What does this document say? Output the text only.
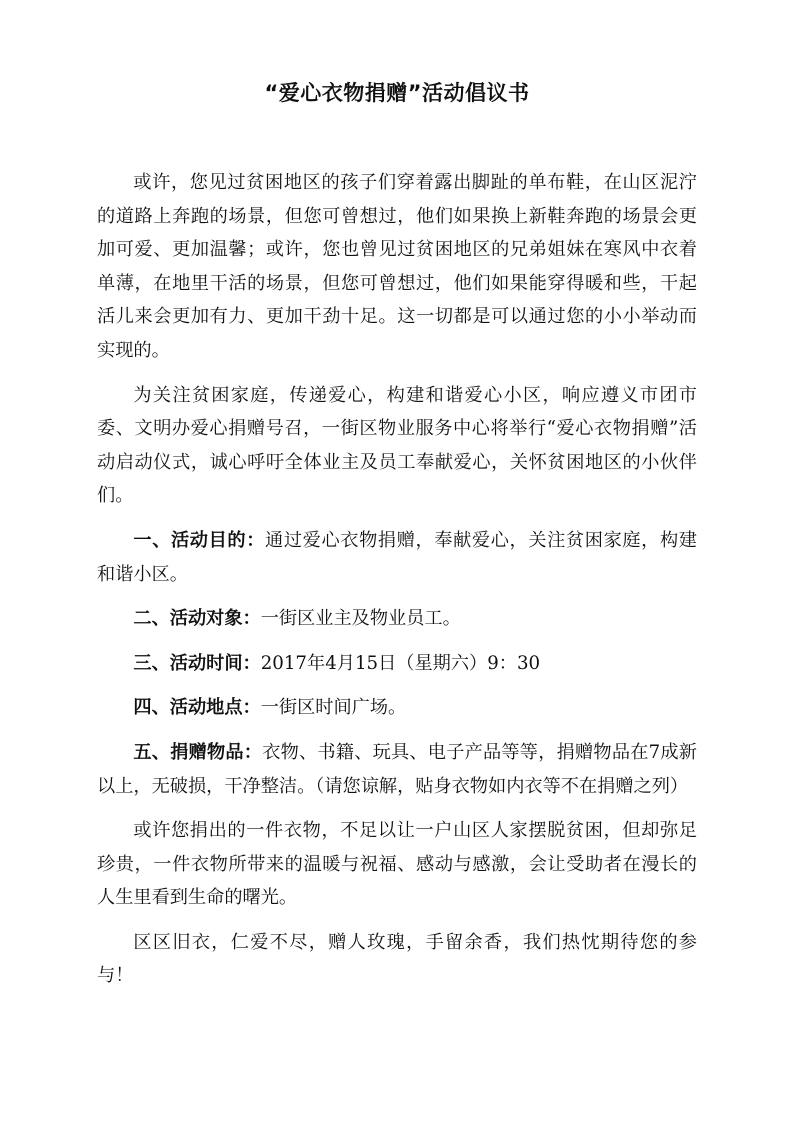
“爱心衣物捐赠”活动倡议书

或许，您见过贫困地区的孩子们穿着露出脚趾的单布鞋，在山区泥泞的道路上奔跑的场景，但您可曾想过，他们如果换上新鞋奔跑的场景会更加可爱、更加温馨；或许，您也曾见过贫困地区的兄弟姐妹在寒风中衣着单薄，在地里干活的场景，但您可曾想过，他们如果能穿得暖和些，干起活儿来会更加有力、更加干劲十足。这一切都是可以通过您的小小举动而实现的。

为关注贫困家庭，传递爱心，构建和谐爱心小区，响应遵义市团市委、文明办爱心捐赠号召，一街区物业服务中心将举行“爱心衣物捐赠”活动启动仪式，诚心呼吁全体业主及员工奉献爱心，关怀贫困地区的小伙伴们。

一、活动目的：通过爱心衣物捐赠，奉献爱心，关注贫困家庭，构建和谐小区。

二、活动对象：一街区业主及物业员工。

三、活动时间：2017年4月15日（星期六）9：30

四、活动地点：一街区时间广场。

五、捐赠物品：衣物、书籍、玩具、电子产品等等，捐赠物品在7成新以上，无破损，干净整洁。（请您谅解，贴身衣物如内衣等不在捐赠之列）

或许您捐出的一件衣物，不足以让一户山区人家摆脱贫困，但却弥足珍贵，一件衣物所带来的温暖与祝福、感动与感激，会让受助者在漫长的人生里看到生命的曙光。

区区旧衣，仁爱不尽，赠人玫瑰，手留余香，我们热忱期待您的参与！
